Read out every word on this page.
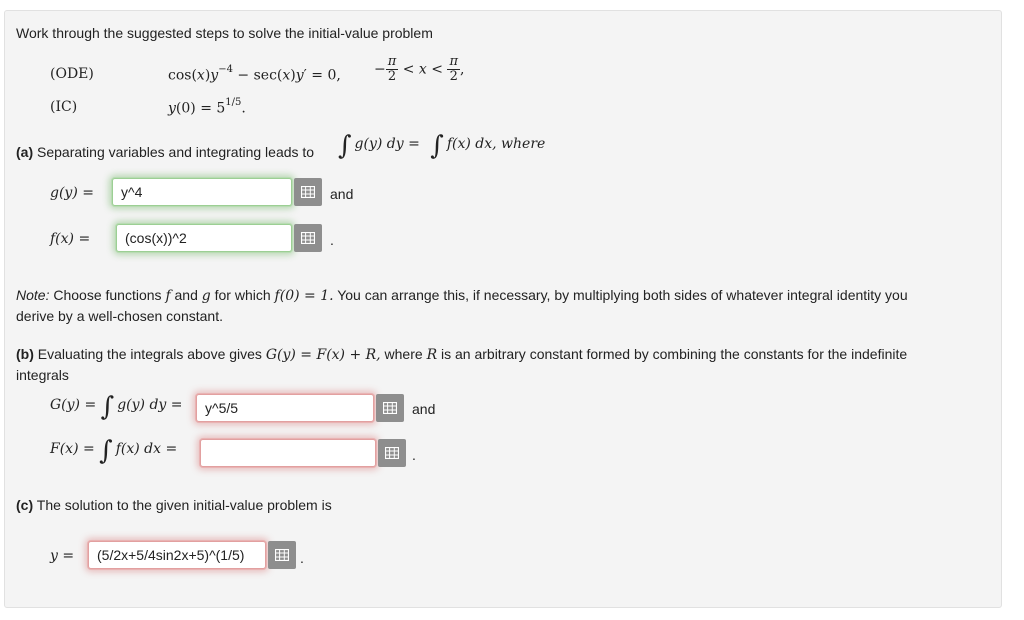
Work through the suggested steps to solve the initial-value problem
(ODE)	$\cos(x)y^{-4} - \sec(x)y' = 0$, − $\frac{\pi}{2} < x < \frac{\pi}{2}$ ,
(IC)	$y(0) = 5^{1/5}$.
(a) Separating variables and integrating leads to ∫ g(y) dy = ∫ f(x) dx, where
g(y) =	y^4	and
f(x) =	(cos(x))^2	.
Note: Choose functions f and g for which f(0) = 1. You can arrange this, if necessary, by multiplying both sides of whatever integral identity you
derive by a well-chosen constant.
(b) Evaluating the integrals above gives G(y) = F(x) + R, where R is an arbitrary constant formed by combining the constants for the indefinite
integrals
G(y) = ∫ g(y) dy =	y^5/5	and
F(x) = ∫ f(x) dx =	.
(c) The solution to the given initial-value problem is
y =	(5/2x+5/4sin2x+5)^(1/5)	.
